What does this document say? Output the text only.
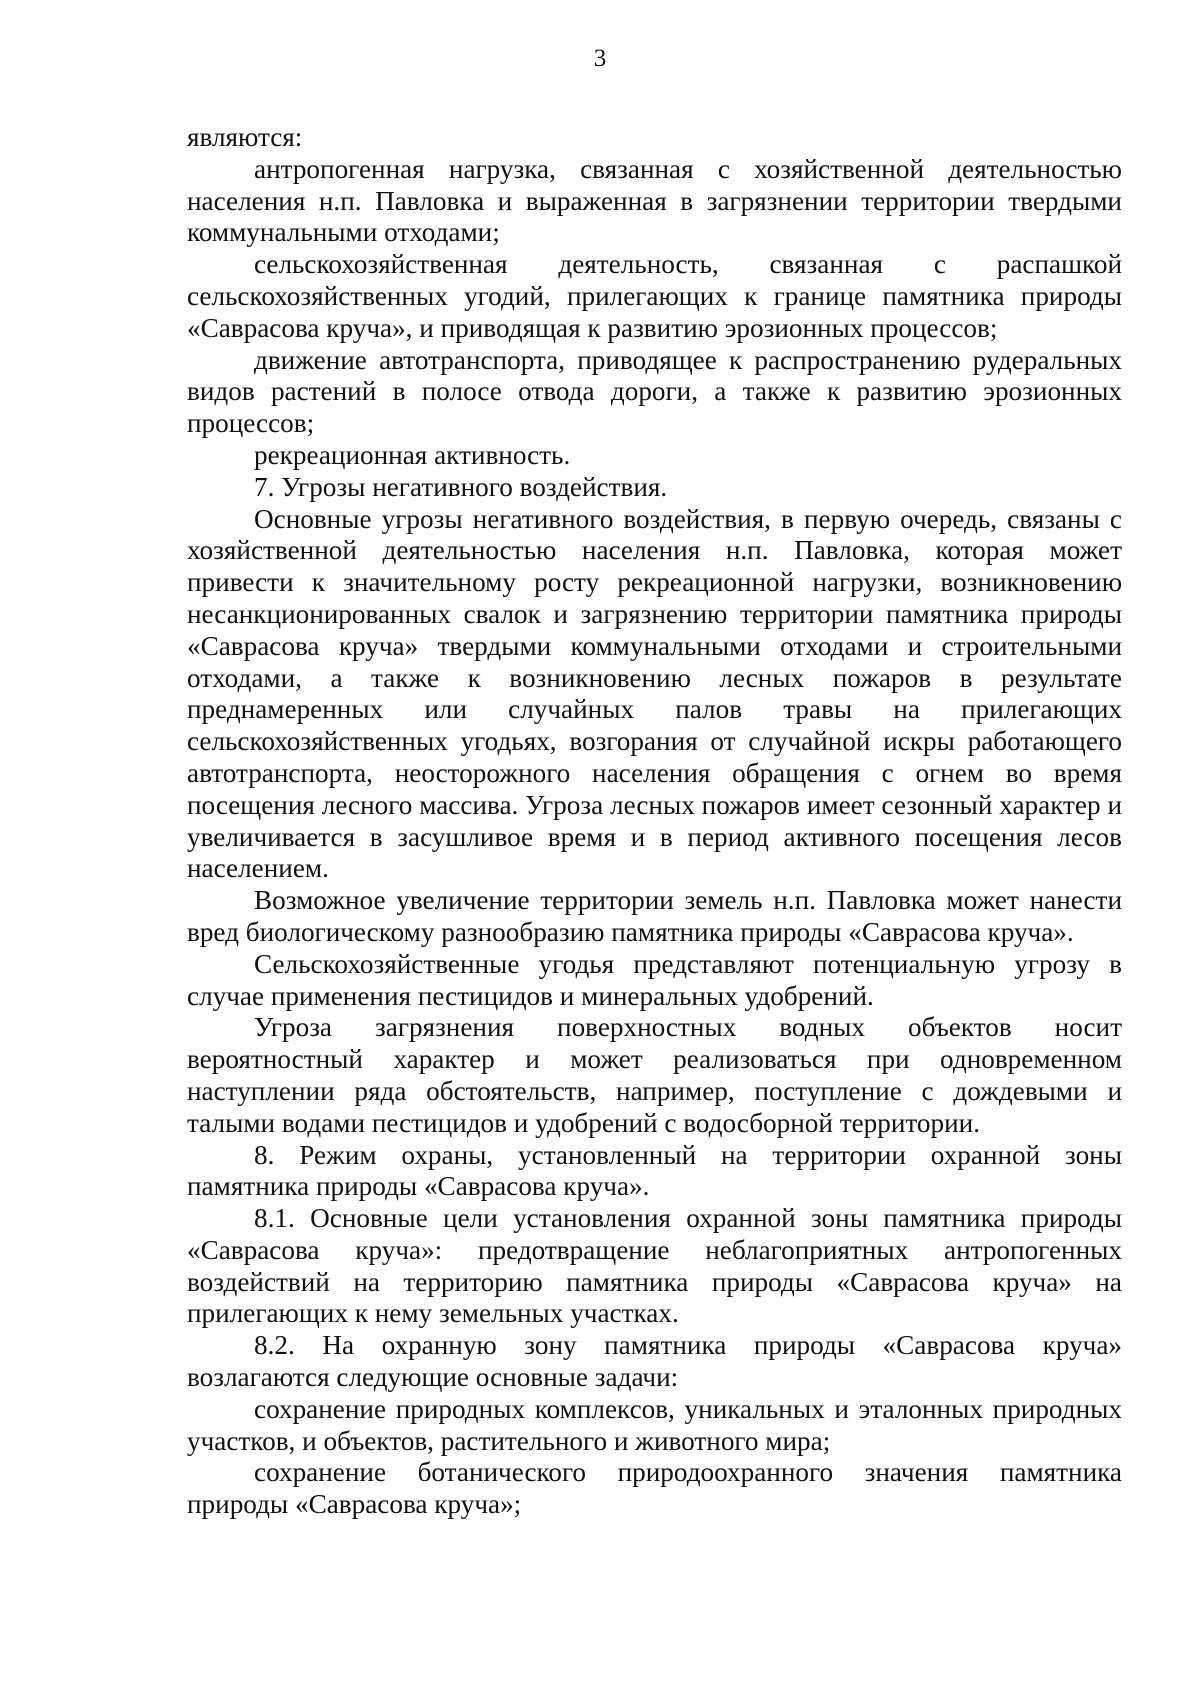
3

являются:

антропогенная нагрузка, связанная с хозяйственной деятельностью населения н.п. Павловка и выраженная в загрязнении территории твердыми коммунальными отходами;

сельскохозяйственная деятельность, связанная с распашкой сельскохозяйственных угодий, прилегающих к границе памятника природы «Саврасова круча», и приводящая к развитию эрозионных процессов;

движение автотранспорта, приводящее к распространению рудеральных видов растений в полосе отвода дороги, а также к развитию эрозионных процессов;

рекреационная активность.

7. Угрозы негативного воздействия.

Основные угрозы негативного воздействия, в первую очередь, связаны с хозяйственной деятельностью населения н.п. Павловка, которая может привести к значительному росту рекреационной нагрузки, возникновению несанкционированных свалок и загрязнению территории памятника природы «Саврасова круча» твердыми коммунальными отходами и строительными отходами, а также к возникновению лесных пожаров в результате преднамеренных или случайных палов травы на прилегающих сельскохозяйственных угодьях, возгорания от случайной искры работающего автотранспорта, неосторожного населения обращения с огнем во время посещения лесного массива. Угроза лесных пожаров имеет сезонный характер и увеличивается в засушливое время и в период активного посещения лесов населением.

Возможное увеличение территории земель н.п. Павловка может нанести вред биологическому разнообразию памятника природы «Саврасова круча».

Сельскохозяйственные угодья представляют потенциальную угрозу в случае применения пестицидов и минеральных удобрений.

Угроза загрязнения поверхностных водных объектов носит вероятностный характер и может реализоваться при одновременном наступлении ряда обстоятельств, например, поступление с дождевыми и талыми водами пестицидов и удобрений с водосборной территории.

8. Режим охраны, установленный на территории охранной зоны памятника природы «Саврасова круча».

8.1. Основные цели установления охранной зоны памятника природы «Саврасова круча»: предотвращение неблагоприятных антропогенных воздействий на территорию памятника природы «Саврасова круча» на прилегающих к нему земельных участках.

8.2. На охранную зону памятника природы «Саврасова круча» возлагаются следующие основные задачи:

сохранение природных комплексов, уникальных и эталонных природных участков, и объектов, растительного и животного мира;

сохранение ботанического природоохранного значения памятника природы «Саврасова круча»;
